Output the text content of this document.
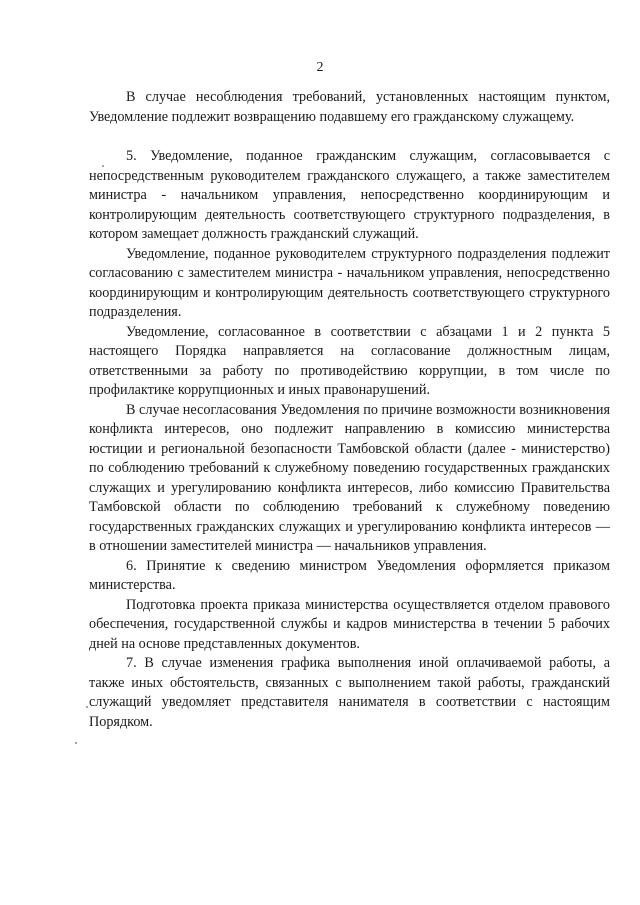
2

В случае несоблюдения требований, установленных настоящим пунктом, Уведомление подлежит возвращению подавшему его гражданскому служащему.

5. Уведомление, поданное гражданским служащим, согласовывается с непосредственным руководителем гражданского служащего, а также заместителем министра - начальником управления, непосредственно координирующим и контролирующим деятельность соответствующего структурного подразделения, в котором замещает должность гражданский служащий.

Уведомление, поданное руководителем структурного подразделения подлежит согласованию с заместителем министра - начальником управления, непосредственно координирующим и контролирующим деятельность соответствующего структурного подразделения.

Уведомление, согласованное в соответствии с абзацами 1 и 2 пункта 5 настоящего Порядка направляется на согласование должностным лицам, ответственными за работу по противодействию коррупции, в том числе по профилактике коррупционных и иных правонарушений.

В случае несогласования Уведомления по причине возможности возникновения конфликта интересов, оно подлежит направлению в комиссию министерства юстиции и региональной безопасности Тамбовской области (далее - министерство) по соблюдению требований к служебному поведению государственных гражданских служащих и урегулированию конфликта интересов, либо комиссию Правительства Тамбовской области по соблюдению требований к служебному поведению государственных гражданских служащих и урегулированию конфликта интересов — в отношении заместителей министра — начальников управления.

6. Принятие к сведению министром Уведомления оформляется приказом министерства.

Подготовка проекта приказа министерства осуществляется отделом правового обеспечения, государственной службы и кадров министерства в течении 5 рабочих дней на основе представленных документов.

7. В случае изменения графика выполнения иной оплачиваемой работы, а также иных обстоятельств, связанных с выполнением такой работы, гражданский служащий уведомляет представителя нанимателя в соответствии с настоящим Порядком.
